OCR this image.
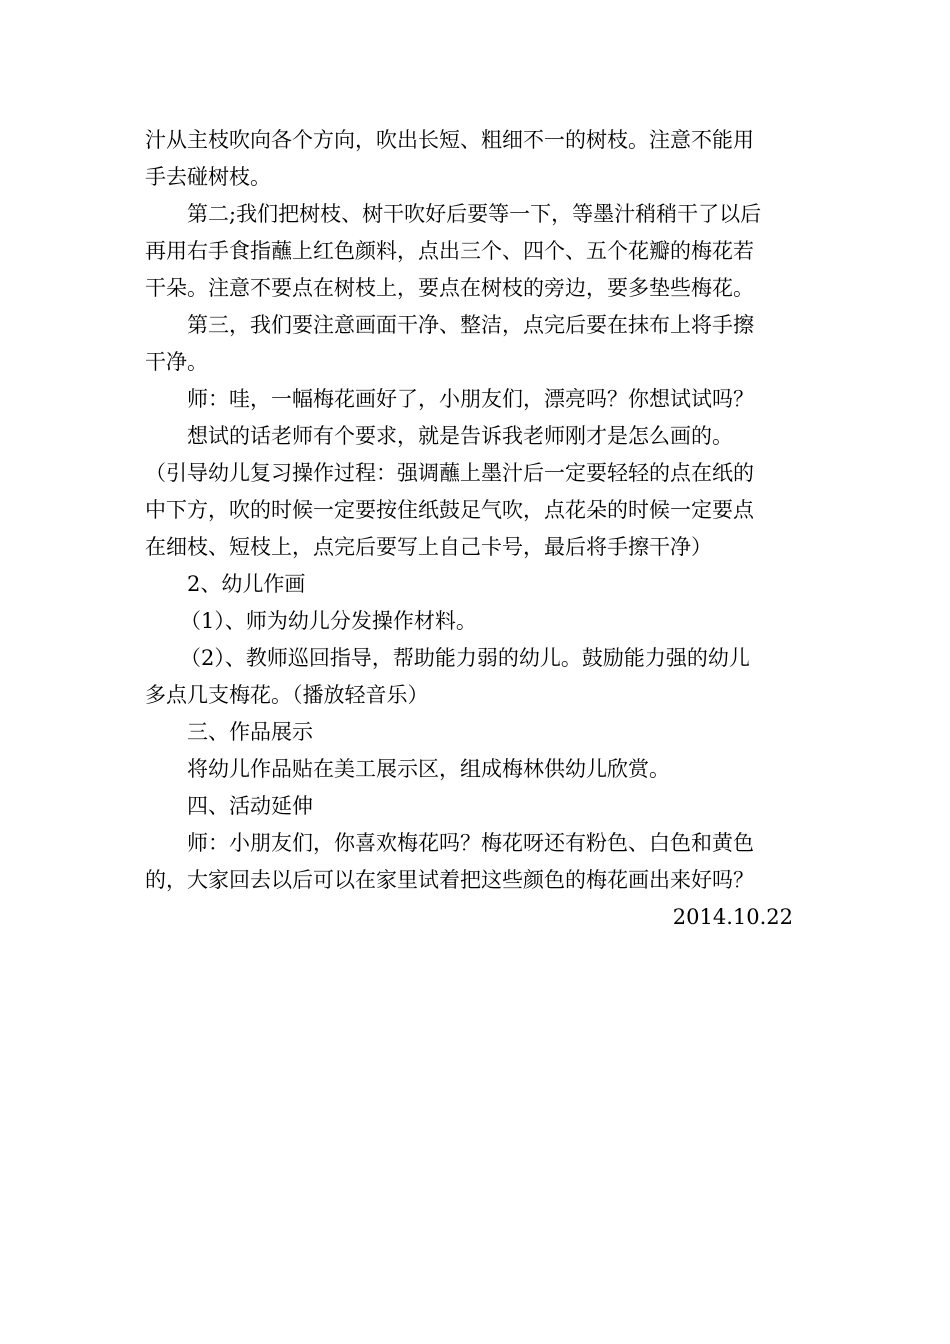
汁从主枝吹向各个方向，吹出长短、粗细不一的树枝。注意不能用
手去碰树枝。
第二;我们把树枝、树干吹好后要等一下，等墨汁稍稍干了以后
再用右手食指蘸上红色颜料，点出三个、四个、五个花瓣的梅花若
干朵。注意不要点在树枝上，要点在树枝的旁边，要多垫些梅花。
第三，我们要注意画面干净、整洁，点完后要在抹布上将手擦
干净。
师：哇，一幅梅花画好了，小朋友们，漂亮吗？你想试试吗？
想试的话老师有个要求，就是告诉我老师刚才是怎么画的。
（引导幼儿复习操作过程：强调蘸上墨汁后一定要轻轻的点在纸的
中下方，吹的时候一定要按住纸鼓足气吹，点花朵的时候一定要点
在细枝、短枝上，点完后要写上自己卡号，最后将手擦干净）
2、幼儿作画
（1）、师为幼儿分发操作材料。
（2）、教师巡回指导，帮助能力弱的幼儿。鼓励能力强的幼儿
多点几支梅花。（播放轻音乐）
三、作品展示
将幼儿作品贴在美工展示区，组成梅林供幼儿欣赏。
四、活动延伸
师：小朋友们，你喜欢梅花吗？梅花呀还有粉色、白色和黄色
的，大家回去以后可以在家里试着把这些颜色的梅花画出来好吗？
2014.10.22
